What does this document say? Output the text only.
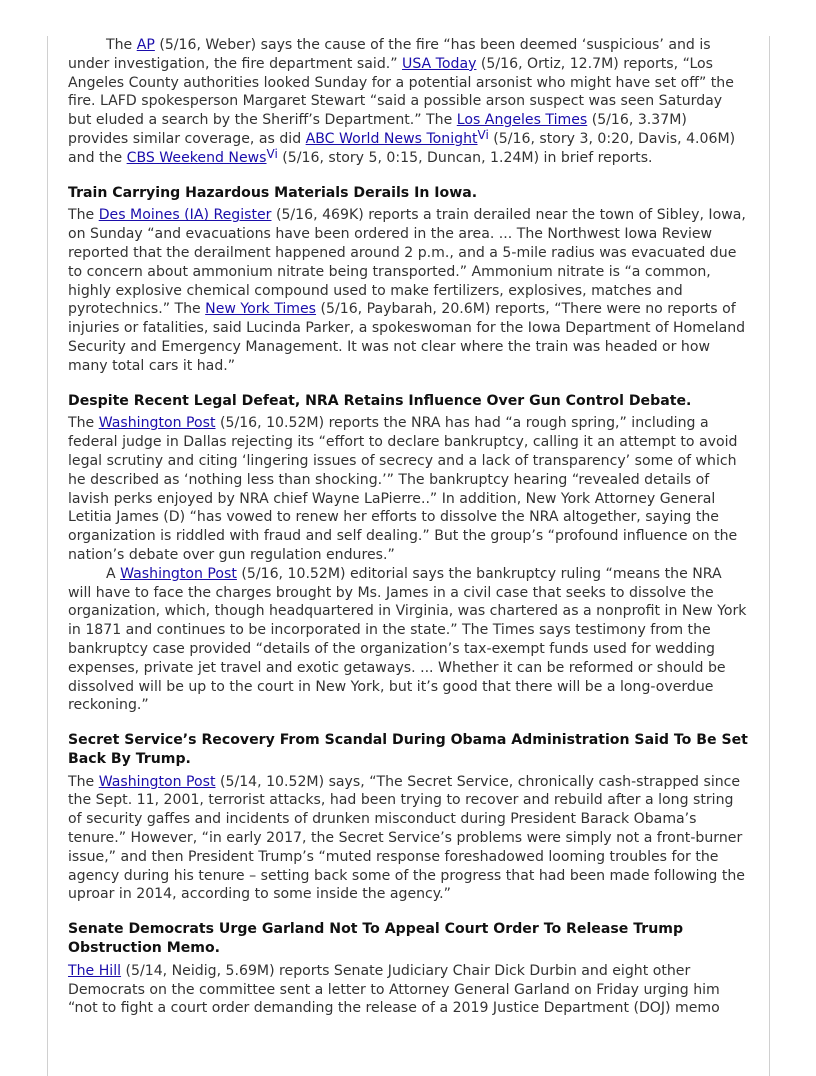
The AP (5/16, Weber) says the cause of the fire “has been deemed ‘suspicious’ and is under investigation, the fire department said.” USA Today (5/16, Ortiz, 12.7M) reports, “Los Angeles County authorities looked Sunday for a potential arsonist who might have set off” the fire. LAFD spokesperson Margaret Stewart “said a possible arson suspect was seen Saturday but eluded a search by the Sheriff’s Department.” The Los Angeles Times (5/16, 3.37M) provides similar coverage, as did ABC World News Tonight$^{Vi}$ (5/16, story 3, 0:20, Davis, 4.06M) and the CBS Weekend News$^{Vi}$ (5/16, story 5, 0:15, Duncan, 1.24M) in brief reports.

Train Carrying Hazardous Materials Derails In Iowa.

The Des Moines (IA) Register (5/16, 469K) reports a train derailed near the town of Sibley, Iowa, on Sunday “and evacuations have been ordered in the area. ... The Northwest Iowa Review reported that the derailment happened around 2 p.m., and a 5-mile radius was evacuated due to concern about ammonium nitrate being transported.” Ammonium nitrate is “a common, highly explosive chemical compound used to make fertilizers, explosives, matches and pyrotechnics.” The New York Times (5/16, Paybarah, 20.6M) reports, “There were no reports of injuries or fatalities, said Lucinda Parker, a spokeswoman for the Iowa Department of Homeland Security and Emergency Management. It was not clear where the train was headed or how many total cars it had.”

Despite Recent Legal Defeat, NRA Retains Influence Over Gun Control Debate.

The Washington Post (5/16, 10.52M) reports the NRA has had “a rough spring,” including a federal judge in Dallas rejecting its “effort to declare bankruptcy, calling it an attempt to avoid legal scrutiny and citing ‘lingering issues of secrecy and a lack of transparency’ some of which he described as ‘nothing less than shocking.’” The bankruptcy hearing “revealed details of lavish perks enjoyed by NRA chief Wayne LaPierre..” In addition, New York Attorney General Letitia James (D) “has vowed to renew her efforts to dissolve the NRA altogether, saying the organization is riddled with fraud and self dealing.” But the group’s “profound influence on the nation’s debate over gun regulation endures.”

A Washington Post (5/16, 10.52M) editorial says the bankruptcy ruling “means the NRA will have to face the charges brought by Ms. James in a civil case that seeks to dissolve the organization, which, though headquartered in Virginia, was chartered as a nonprofit in New York in 1871 and continues to be incorporated in the state.” The Times says testimony from the bankruptcy case provided “details of the organization’s tax-exempt funds used for wedding expenses, private jet travel and exotic getaways. ... Whether it can be reformed or should be dissolved will be up to the court in New York, but it’s good that there will be a long-overdue reckoning.”

Secret Service’s Recovery From Scandal During Obama Administration Said To Be Set Back By Trump.

The Washington Post (5/14, 10.52M) says, “The Secret Service, chronically cash-strapped since the Sept. 11, 2001, terrorist attacks, had been trying to recover and rebuild after a long string of security gaffes and incidents of drunken misconduct during President Barack Obama’s tenure.” However, “in early 2017, the Secret Service’s problems were simply not a front-burner issue,” and then President Trump’s “muted response foreshadowed looming troubles for the agency during his tenure – setting back some of the progress that had been made following the uproar in 2014, according to some inside the agency.”

Senate Democrats Urge Garland Not To Appeal Court Order To Release Trump Obstruction Memo.

The Hill (5/14, Neidig, 5.69M) reports Senate Judiciary Chair Dick Durbin and eight other Democrats on the committee sent a letter to Attorney General Garland on Friday urging him “not to fight a court order demanding the release of a 2019 Justice Department (DOJ) memo
